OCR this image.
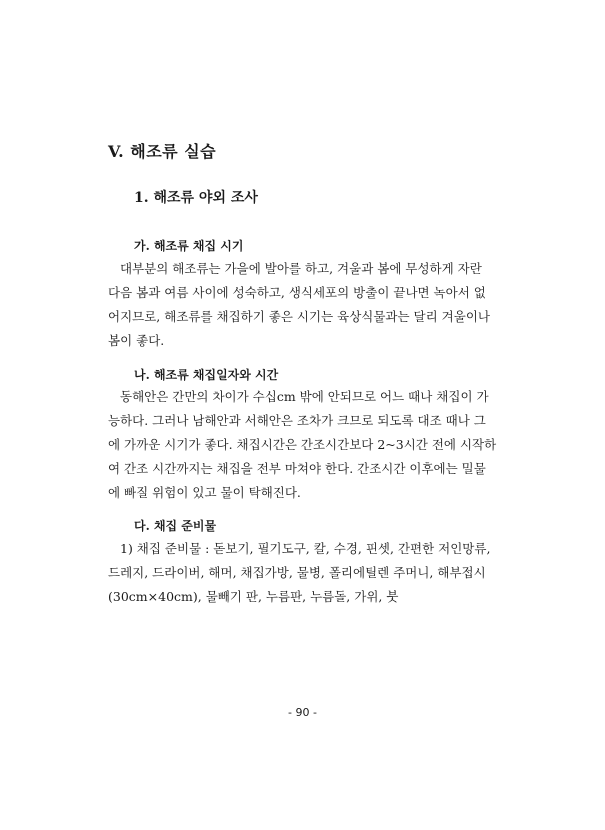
V. 해조류 실습
1. 해조류 야외 조사
가. 해조류 채집 시기
대부분의 해조류는 가을에 발아를 하고, 겨울과 봄에 무성하게 자란
다음 봄과 여름 사이에 성숙하고, 생식세포의 방출이 끝나면 녹아서 없
어지므로, 해조류를 채집하기 좋은 시기는 육상식물과는 달리 겨울이나
봄이 좋다.
나. 해조류 채집일자와 시간
동해안은 간만의 차이가 수십cm 밖에 안되므로 어느 때나 채집이 가
능하다. 그러나 남해안과 서해안은 조차가 크므로 되도록 대조 때나 그
에 가까운 시기가 좋다. 채집시간은 간조시간보다 2~3시간 전에 시작하
여 간조 시간까지는 채집을 전부 마쳐야 한다. 간조시간 이후에는 밀물
에 빠질 위험이 있고 물이 탁해진다.
다. 채집 준비물
1) 채집 준비물 : 돋보기, 필기도구, 칼, 수경, 핀셋, 간편한 저인망류,
드레지, 드라이버, 해머, 채집가방, 물병, 폴리에틸렌 주머니, 해부접시
(30cm×40cm), 물빼기 판, 누름판, 누름돌, 가위, 붓
- 90 -
